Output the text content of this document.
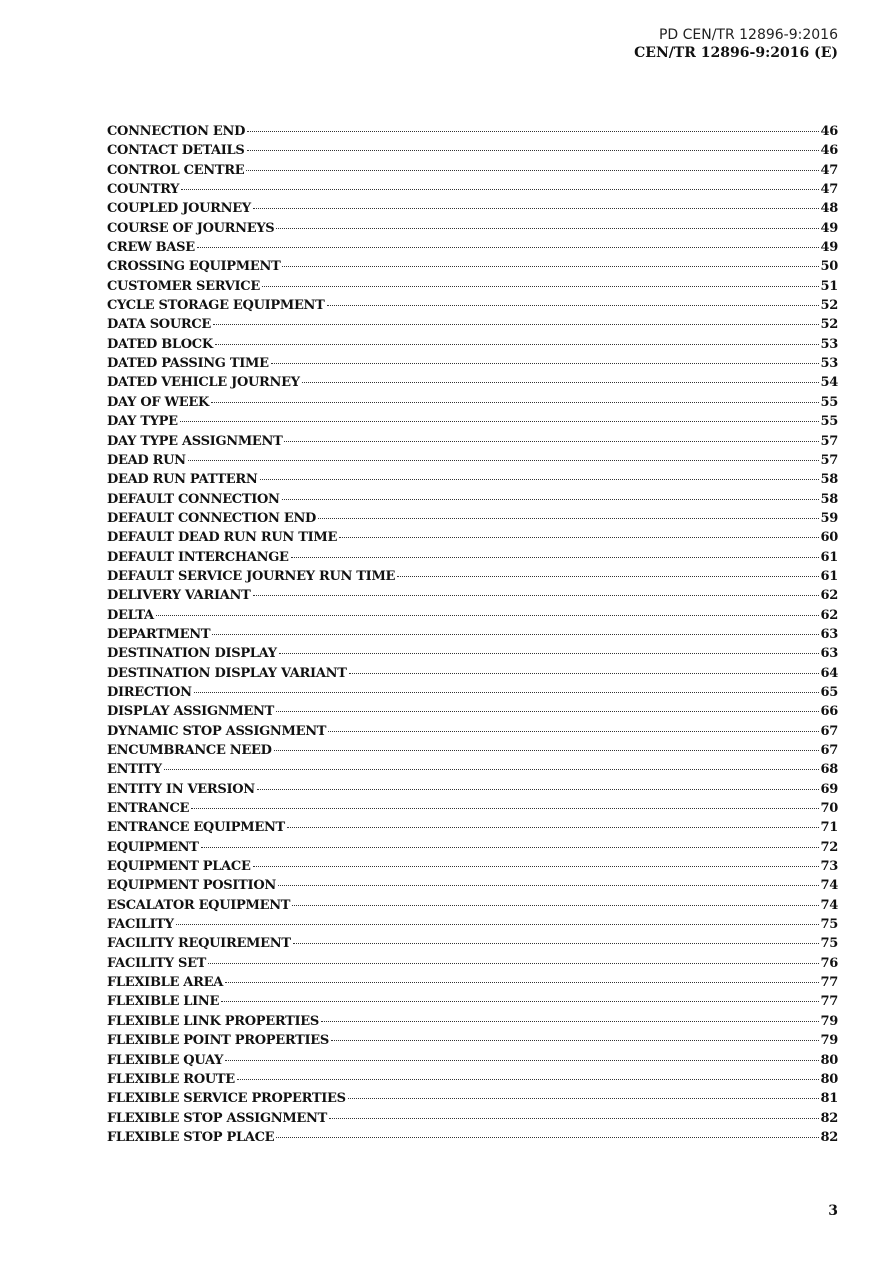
PD CEN/TR 12896-9:2016
CEN/TR 12896-9:2016 (E)
CONNECTION END	46
CONTACT DETAILS	46
CONTROL CENTRE	47
COUNTRY	47
COUPLED JOURNEY	48
COURSE OF JOURNEYS	49
CREW BASE	49
CROSSING EQUIPMENT	50
CUSTOMER SERVICE	51
CYCLE STORAGE EQUIPMENT	52
DATA SOURCE	52
DATED BLOCK	53
DATED PASSING TIME	53
DATED VEHICLE JOURNEY	54
DAY OF WEEK	55
DAY TYPE	55
DAY TYPE ASSIGNMENT	57
DEAD RUN	57
DEAD RUN PATTERN	58
DEFAULT CONNECTION	58
DEFAULT CONNECTION END	59
DEFAULT DEAD RUN RUN TIME	60
DEFAULT INTERCHANGE	61
DEFAULT SERVICE JOURNEY RUN TIME	61
DELIVERY VARIANT	62
DELTA	62
DEPARTMENT	63
DESTINATION DISPLAY	63
DESTINATION DISPLAY VARIANT	64
DIRECTION	65
DISPLAY ASSIGNMENT	66
DYNAMIC STOP ASSIGNMENT	67
ENCUMBRANCE NEED	67
ENTITY	68
ENTITY IN VERSION	69
ENTRANCE	70
ENTRANCE EQUIPMENT	71
EQUIPMENT	72
EQUIPMENT PLACE	73
EQUIPMENT POSITION	74
ESCALATOR EQUIPMENT	74
FACILITY	75
FACILITY REQUIREMENT	75
FACILITY SET	76
FLEXIBLE AREA	77
FLEXIBLE LINE	77
FLEXIBLE LINK PROPERTIES	79
FLEXIBLE POINT PROPERTIES	79
FLEXIBLE QUAY	80
FLEXIBLE ROUTE	80
FLEXIBLE SERVICE PROPERTIES	81
FLEXIBLE STOP ASSIGNMENT	82
FLEXIBLE STOP PLACE	82
3
